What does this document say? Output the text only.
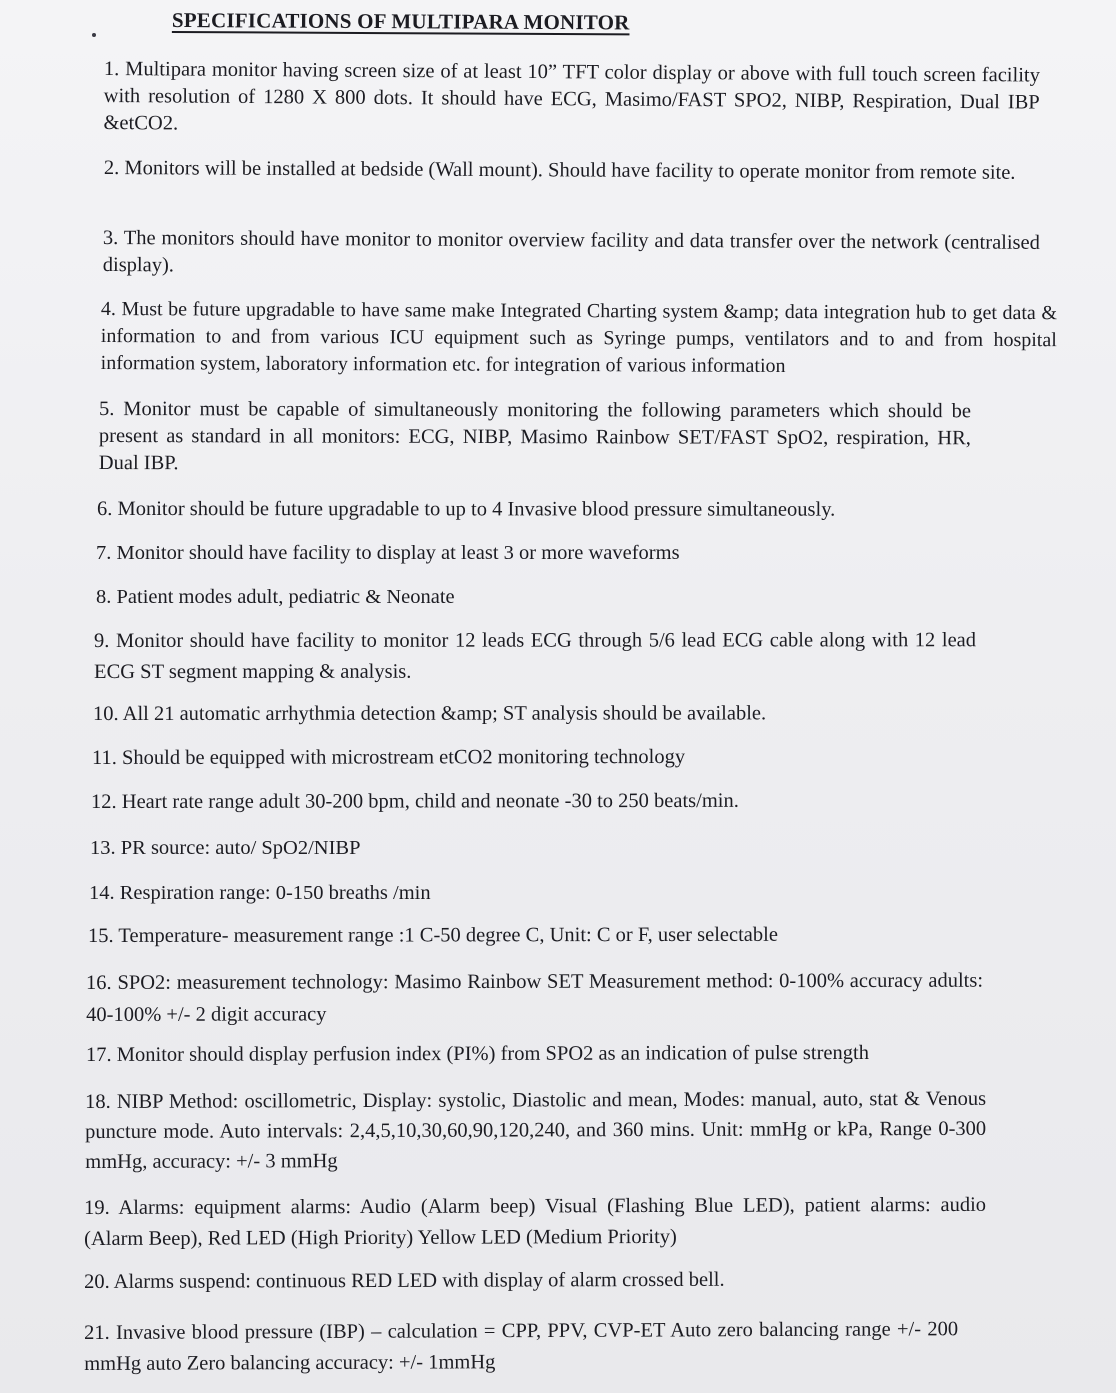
SPECIFICATIONS OF MULTIPARA MONITOR

1. Multipara monitor having screen size of at least 10” TFT color display or above with full touch screen facility with resolution of 1280 X 800 dots. It should have ECG, Masimo/FAST SPO2, NIBP, Respiration, Dual IBP &etCO2.

2. Monitors will be installed at bedside (Wall mount). Should have facility to operate monitor from remote site.

3. The monitors should have monitor to monitor overview facility and data transfer over the network (centralised display).

4. Must be future upgradable to have same make Integrated Charting system &amp; data integration hub to get data & information to and from various ICU equipment such as Syringe pumps, ventilators and to and from hospital information system, laboratory information etc. for integration of various information

5. Monitor must be capable of simultaneously monitoring the following parameters which should be present as standard in all monitors: ECG, NIBP, Masimo Rainbow SET/FAST SpO2, respiration, HR, Dual IBP.

6. Monitor should be future upgradable to up to 4 Invasive blood pressure simultaneously.

7. Monitor should have facility to display at least 3 or more waveforms

8. Patient modes adult, pediatric & Neonate

9. Monitor should have facility to monitor 12 leads ECG through 5/6 lead ECG cable along with 12 lead ECG ST segment mapping & analysis.

10. All 21 automatic arrhythmia detection &amp; ST analysis should be available.

11. Should be equipped with microstream etCO2 monitoring technology

12. Heart rate range adult 30-200 bpm, child and neonate -30 to 250 beats/min.

13. PR source: auto/ SpO2/NIBP

14. Respiration range: 0-150 breaths /min

15. Temperature- measurement range :1 C-50 degree C, Unit: C or F, user selectable

16. SPO2: measurement technology: Masimo Rainbow SET Measurement method: 0-100% accuracy adults: 40-100% +/- 2 digit accuracy

17. Monitor should display perfusion index (PI%) from SPO2 as an indication of pulse strength

18. NIBP Method: oscillometric, Display: systolic, Diastolic and mean, Modes: manual, auto, stat & Venous puncture mode. Auto intervals: 2,4,5,10,30,60,90,120,240, and 360 mins. Unit: mmHg or kPa, Range 0-300 mmHg, accuracy: +/- 3 mmHg

19. Alarms: equipment alarms: Audio (Alarm beep) Visual (Flashing Blue LED), patient alarms: audio (Alarm Beep), Red LED (High Priority) Yellow LED (Medium Priority)

20. Alarms suspend: continuous RED LED with display of alarm crossed bell.

21. Invasive blood pressure (IBP) – calculation = CPP, PPV, CVP-ET Auto zero balancing range +/- 200 mmHg auto Zero balancing accuracy: +/- 1mmHg
